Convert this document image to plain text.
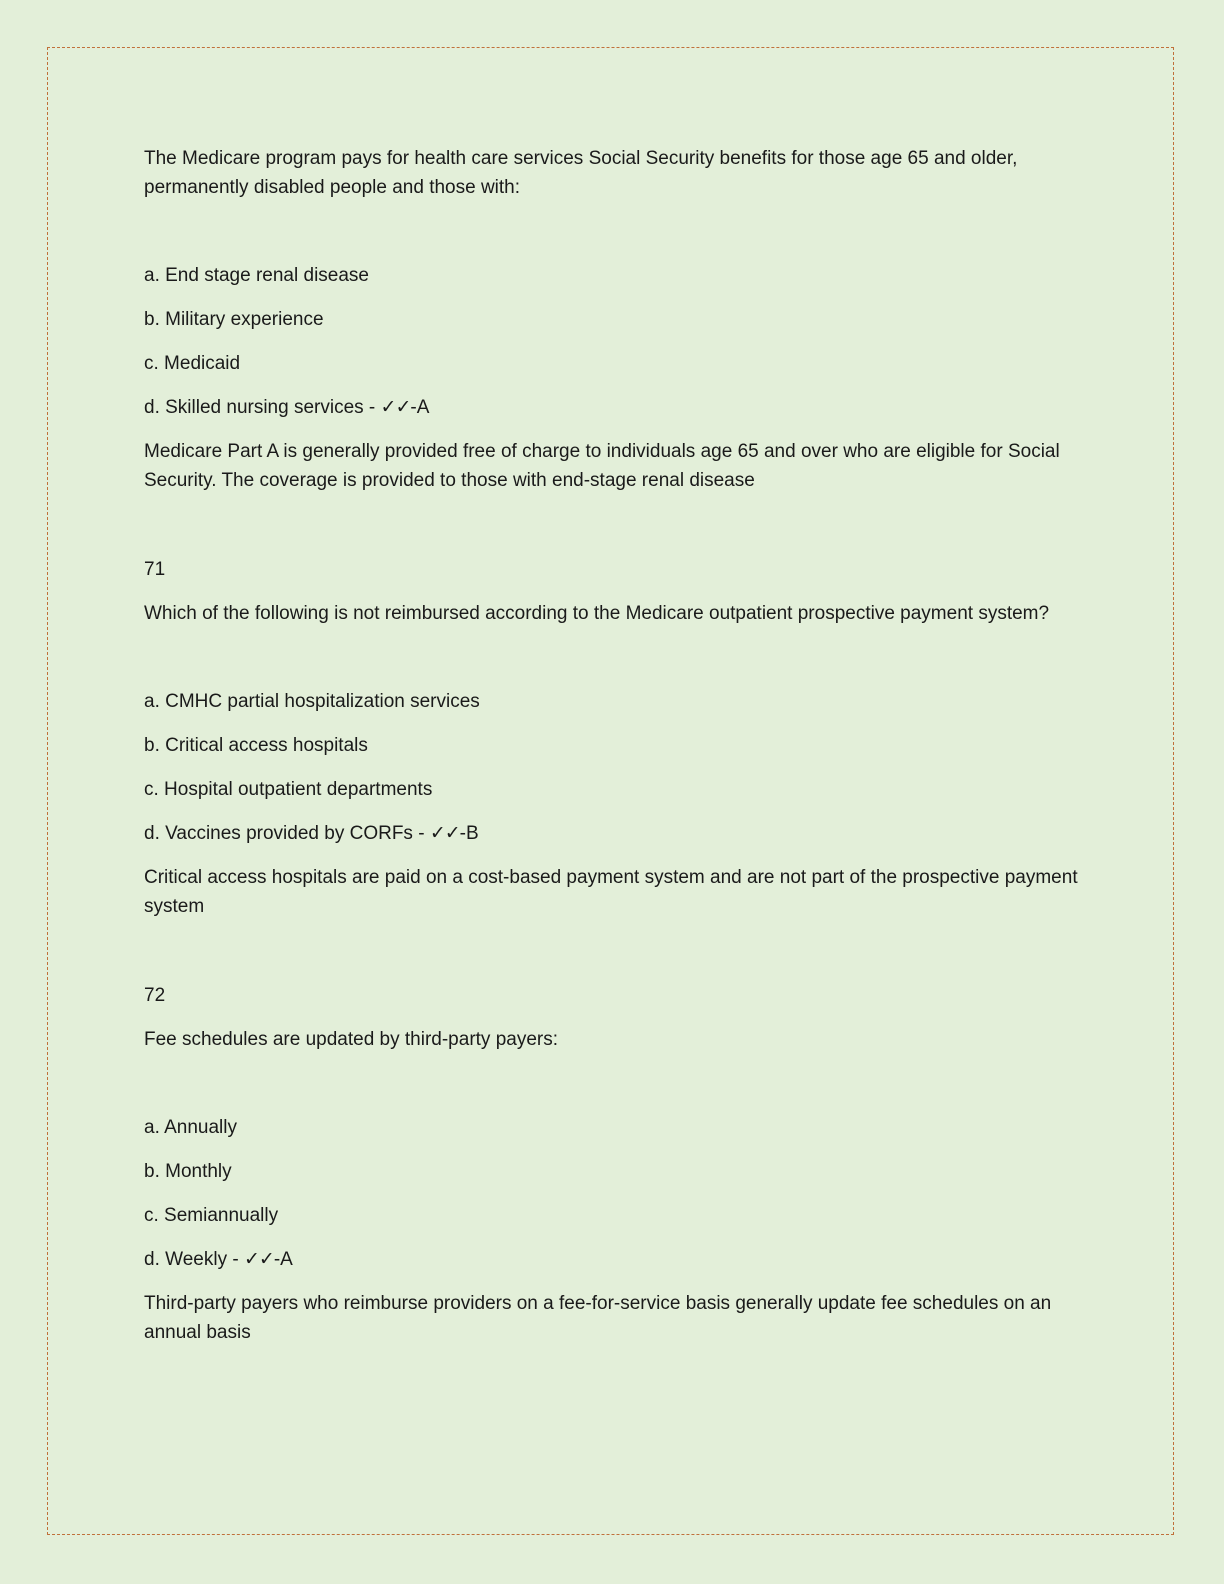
The Medicare program pays for health care services Social Security benefits for those age 65 and older, permanently disabled people and those with:

a. End stage renal disease

b. Military experience

c. Medicaid

d. Skilled nursing services - ✓✓-A

Medicare Part A is generally provided free of charge to individuals age 65 and over who are eligible for Social Security. The coverage is provided to those with end-stage renal disease

71

Which of the following is not reimbursed according to the Medicare outpatient prospective payment system?

a. CMHC partial hospitalization services

b. Critical access hospitals

c. Hospital outpatient departments

d. Vaccines provided by CORFs - ✓✓-B

Critical access hospitals are paid on a cost-based payment system and are not part of the prospective payment system

72

Fee schedules are updated by third-party payers:

a. Annually

b. Monthly

c. Semiannually

d. Weekly - ✓✓-A

Third-party payers who reimburse providers on a fee-for-service basis generally update fee schedules on an annual basis
